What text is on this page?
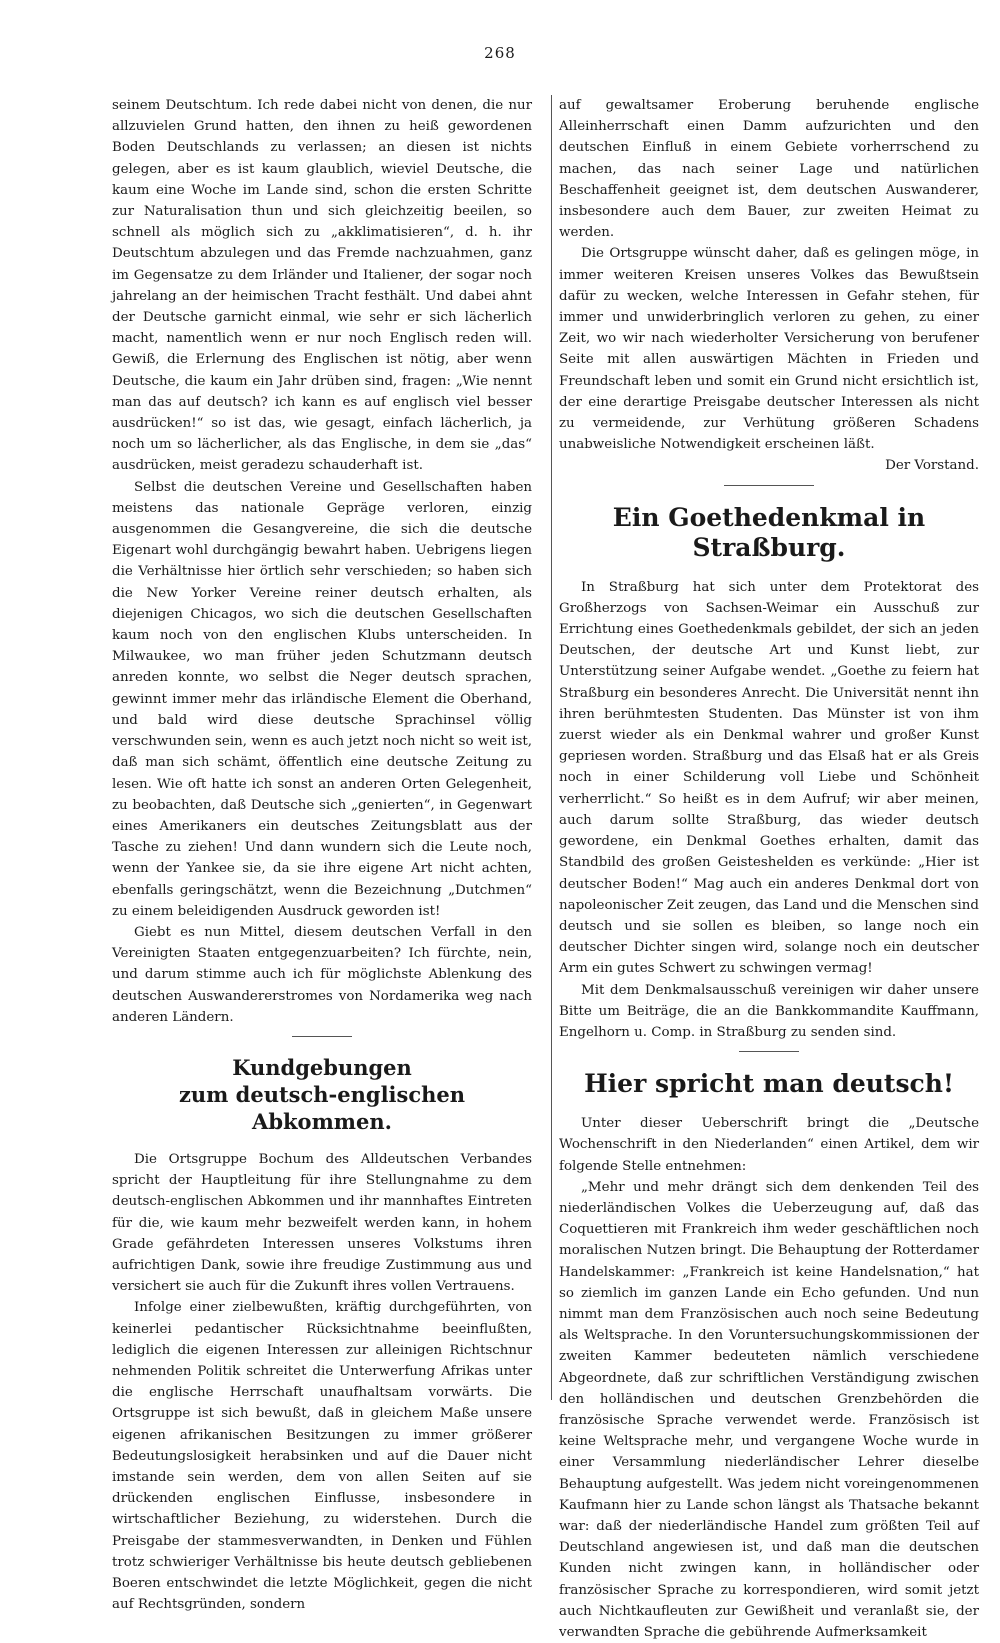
268

seinem Deutschtum. Ich rede dabei nicht von denen, die nur allzuvielen Grund hatten, den ihnen zu heiß gewordenen Boden Deutschlands zu verlassen; an diesen ist nichts gelegen, aber es ist kaum glaublich, wieviel Deutsche, die kaum eine Woche im Lande sind, schon die ersten Schritte zur Naturalisation thun und sich gleichzeitig beeilen, so schnell als möglich sich zu „akklimatisieren“, d. h. ihr Deutschtum abzulegen und das Fremde nachzuahmen, ganz im Gegensatze zu dem Irländer und Italiener, der sogar noch jahrelang an der heimischen Tracht festhält. Und dabei ahnt der Deutsche garnicht einmal, wie sehr er sich lächerlich macht, namentlich wenn er nur noch Englisch reden will. Gewiß, die Erlernung des Englischen ist nötig, aber wenn Deutsche, die kaum ein Jahr drüben sind, fragen: „Wie nennt man das auf deutsch? ich kann es auf englisch viel besser ausdrücken!“ so ist das, wie gesagt, einfach lächerlich, ja noch um so lächerlicher, als das Englische, in dem sie „das“ ausdrücken, meist geradezu schauderhaft ist.

Selbst die deutschen Vereine und Gesellschaften haben meistens das nationale Gepräge verloren, einzig ausgenommen die Gesangvereine, die sich die deutsche Eigenart wohl durchgängig bewahrt haben. Uebrigens liegen die Verhältnisse hier örtlich sehr verschieden; so haben sich die New Yorker Vereine reiner deutsch erhalten, als diejenigen Chicagos, wo sich die deutschen Gesellschaften kaum noch von den englischen Klubs unterscheiden. In Milwaukee, wo man früher jeden Schutzmann deutsch anreden konnte, wo selbst die Neger deutsch sprachen, gewinnt immer mehr das irländische Element die Oberhand, und bald wird diese deutsche Sprachinsel völlig verschwunden sein, wenn es auch jetzt noch nicht so weit ist, daß man sich schämt, öffentlich eine deutsche Zeitung zu lesen. Wie oft hatte ich sonst an anderen Orten Gelegenheit, zu beobachten, daß Deutsche sich „genierten“, in Gegenwart eines Amerikaners ein deutsches Zeitungsblatt aus der Tasche zu ziehen! Und dann wundern sich die Leute noch, wenn der Yankee sie, da sie ihre eigene Art nicht achten, ebenfalls geringschätzt, wenn die Bezeichnung „Dutchmen“ zu einem beleidigenden Ausdruck geworden ist!

Giebt es nun Mittel, diesem deutschen Verfall in den Vereinigten Staaten entgegenzuarbeiten? Ich fürchte, nein, und darum stimme auch ich für möglichste Ablenkung des deutschen Auswandererstromes von Nordamerika weg nach anderen Ländern.

Kundgebungen
zum deutsch-englischen Abkommen.

Die Ortsgruppe Bochum des Alldeutschen Verbandes spricht der Hauptleitung für ihre Stellungnahme zu dem deutsch-englischen Abkommen und ihr mannhaftes Eintreten für die, wie kaum mehr bezweifelt werden kann, in hohem Grade gefährdeten Interessen unseres Volkstums ihren aufrichtigen Dank, sowie ihre freudige Zustimmung aus und versichert sie auch für die Zukunft ihres vollen Vertrauens.

Infolge einer zielbewußten, kräftig durchgeführten, von keinerlei pedantischer Rücksichtnahme beeinflußten, lediglich die eigenen Interessen zur alleinigen Richtschnur nehmenden Politik schreitet die Unterwerfung Afrikas unter die englische Herrschaft unaufhaltsam vorwärts. Die Ortsgruppe ist sich bewußt, daß in gleichem Maße unsere eigenen afrikanischen Besitzungen zu immer größerer Bedeutungslosigkeit herabsinken und auf die Dauer nicht imstande sein werden, dem von allen Seiten auf sie drückenden englischen Einflusse, insbesondere in wirtschaftlicher Beziehung, zu widerstehen. Durch die Preisgabe der stammesverwandten, in Denken und Fühlen trotz schwieriger Verhältnisse bis heute deutsch gebliebenen Boeren entschwindet die letzte Möglichkeit, gegen die nicht auf Rechtsgründen, sondern

auf gewaltsamer Eroberung beruhende englische Alleinherrschaft einen Damm aufzurichten und den deutschen Einfluß in einem Gebiete vorherrschend zu machen, das nach seiner Lage und natürlichen Beschaffenheit geeignet ist, dem deutschen Auswanderer, insbesondere auch dem Bauer, zur zweiten Heimat zu werden.

Die Ortsgruppe wünscht daher, daß es gelingen möge, in immer weiteren Kreisen unseres Volkes das Bewußtsein dafür zu wecken, welche Interessen in Gefahr stehen, für immer und unwiderbringlich verloren zu gehen, zu einer Zeit, wo wir nach wiederholter Versicherung von berufener Seite mit allen auswärtigen Mächten in Frieden und Freundschaft leben und somit ein Grund nicht ersichtlich ist, der eine derartige Preisgabe deutscher Interessen als nicht zu vermeidende, zur Verhütung größeren Schadens unabweisliche Notwendigkeit erscheinen läßt.

Der Vorstand.

Ein Goethedenkmal in Straßburg.

In Straßburg hat sich unter dem Protektorat des Großherzogs von Sachsen-Weimar ein Ausschuß zur Errichtung eines Goethedenkmals gebildet, der sich an jeden Deutschen, der deutsche Art und Kunst liebt, zur Unterstützung seiner Aufgabe wendet. „Goethe zu feiern hat Straßburg ein besonderes Anrecht. Die Universität nennt ihn ihren berühmtesten Studenten. Das Münster ist von ihm zuerst wieder als ein Denkmal wahrer und großer Kunst gepriesen worden. Straßburg und das Elsaß hat er als Greis noch in einer Schilderung voll Liebe und Schönheit verherrlicht.“ So heißt es in dem Aufruf; wir aber meinen, auch darum sollte Straßburg, das wieder deutsch gewordene, ein Denkmal Goethes erhalten, damit das Standbild des großen Geisteshelden es verkünde: „Hier ist deutscher Boden!“ Mag auch ein anderes Denkmal dort von napoleonischer Zeit zeugen, das Land und die Menschen sind deutsch und sie sollen es bleiben, so lange noch ein deutscher Dichter singen wird, solange noch ein deutscher Arm ein gutes Schwert zu schwingen vermag!

Mit dem Denkmalsausschuß vereinigen wir daher unsere Bitte um Beiträge, die an die Bankkommandite Kauffmann, Engelhorn u. Comp. in Straßburg zu senden sind.

Hier spricht man deutsch!

Unter dieser Ueberschrift bringt die „Deutsche Wochenschrift in den Niederlanden“ einen Artikel, dem wir folgende Stelle entnehmen:

„Mehr und mehr drängt sich dem denkenden Teil des niederländischen Volkes die Ueberzeugung auf, daß das Coquettieren mit Frankreich ihm weder geschäftlichen noch moralischen Nutzen bringt. Die Behauptung der Rotterdamer Handelskammer: „Frankreich ist keine Handelsnation,“ hat so ziemlich im ganzen Lande ein Echo gefunden. Und nun nimmt man dem Französischen auch noch seine Bedeutung als Weltsprache. In den Voruntersuchungskommissionen der zweiten Kammer bedeuteten nämlich verschiedene Abgeordnete, daß zur schriftlichen Verständigung zwischen den holländischen und deutschen Grenzbehörden die französische Sprache verwendet werde. Französisch ist keine Weltsprache mehr, und vergangene Woche wurde in einer Versammlung niederländischer Lehrer dieselbe Behauptung aufgestellt. Was jedem nicht voreingenommenen Kaufmann hier zu Lande schon längst als Thatsache bekannt war: daß der niederländische Handel zum größten Teil auf Deutschland angewiesen ist, und daß man die deutschen Kunden nicht zwingen kann, in holländischer oder französischer Sprache zu korrespondieren, wird somit jetzt auch Nichtkaufleuten zur Gewißheit und veranlaßt sie, der verwandten Sprache die gebührende Aufmerksamkeit
